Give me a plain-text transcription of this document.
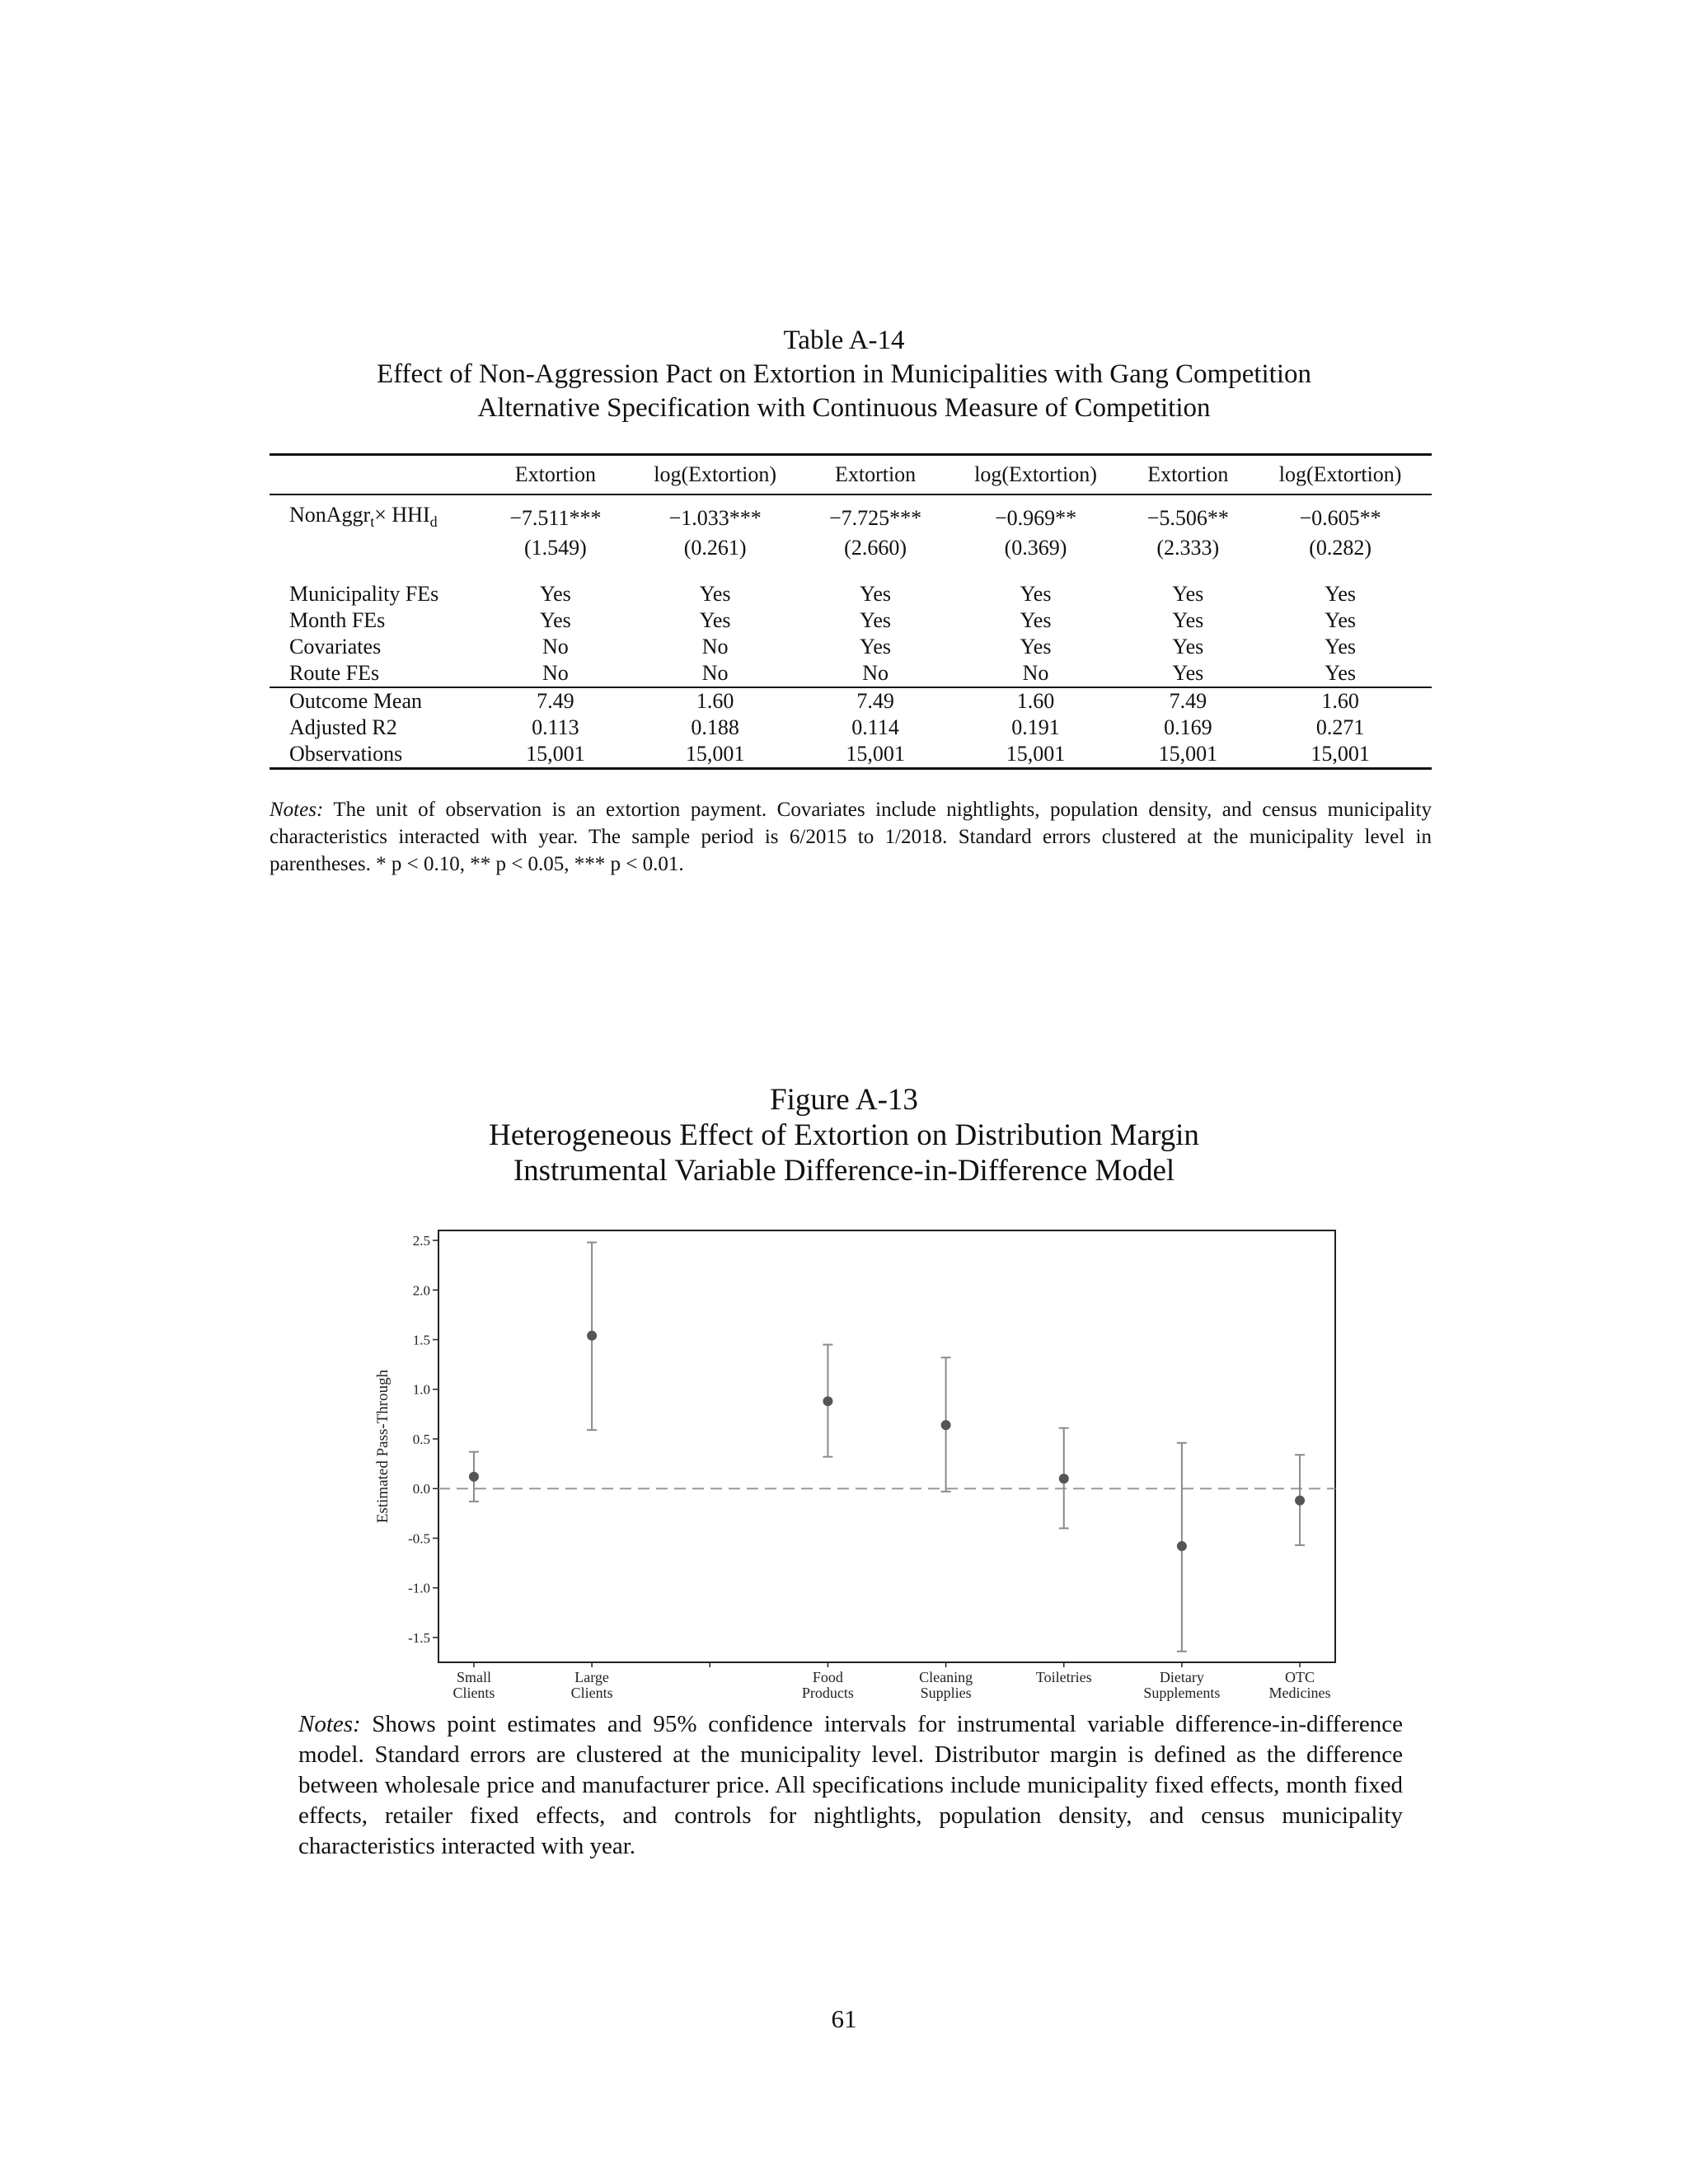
Table A-14
Effect of Non-Aggression Pact on Extortion in Municipalities with Gang Competition
Alternative Specification with Continuous Measure of Competition
	Extortion	log(Extortion)	Extortion	log(Extortion)	Extortion	log(Extortion)
NonAggr$_t$× $HHI_d$	−7.511***	−1.033***	−7.725***	−0.969**	−5.506**	−0.605**
	(1.549)	(0.261)	(2.660)	(0.369)	(2.333)	(0.282)

Municipality FEs	Yes	Yes	Yes	Yes	Yes	Yes
Month FEs	Yes	Yes	Yes	Yes	Yes	Yes
Covariates	No	No	Yes	Yes	Yes	Yes
Route FEs	No	No	No	No	Yes	Yes
Outcome Mean	7.49	1.60	7.49	1.60	7.49	1.60
Adjusted R2	0.113	0.188	0.114	0.191	0.169	0.271
Observations	15,001	15,001	15,001	15,001	15,001	15,001
Notes: The unit of observation is an extortion payment. Covariates include nightlights, population density, and census municipality characteristics interacted with year. The sample period is 6/2015 to 1/2018. Standard errors clustered at the municipality level in parentheses. * p < 0.10, ** p < 0.05, *** p < 0.01.
Figure A-13
Heterogeneous Effect of Extortion on Distribution Margin
Instrumental Variable Difference-in-Difference Model
2.5
2.0
1.5
1.0
0.5
0.0
-0.5
-1.0
-1.5
Estimated Pass-Through
Small
Clients
Large
Clients
Food
Products
Cleaning
Supplies
Toiletries	Dietary
Supplements
OTC
Medicines
Notes: Shows point estimates and 95% confidence intervals for instrumental variable difference-in-difference model. Standard errors are clustered at the municipality level. Distributor margin is defined as the difference between wholesale price and manufacturer price. All specifications include municipality fixed effects, month fixed effects, retailer fixed effects, and controls for nightlights, population density, and census municipality characteristics interacted with year.
61
